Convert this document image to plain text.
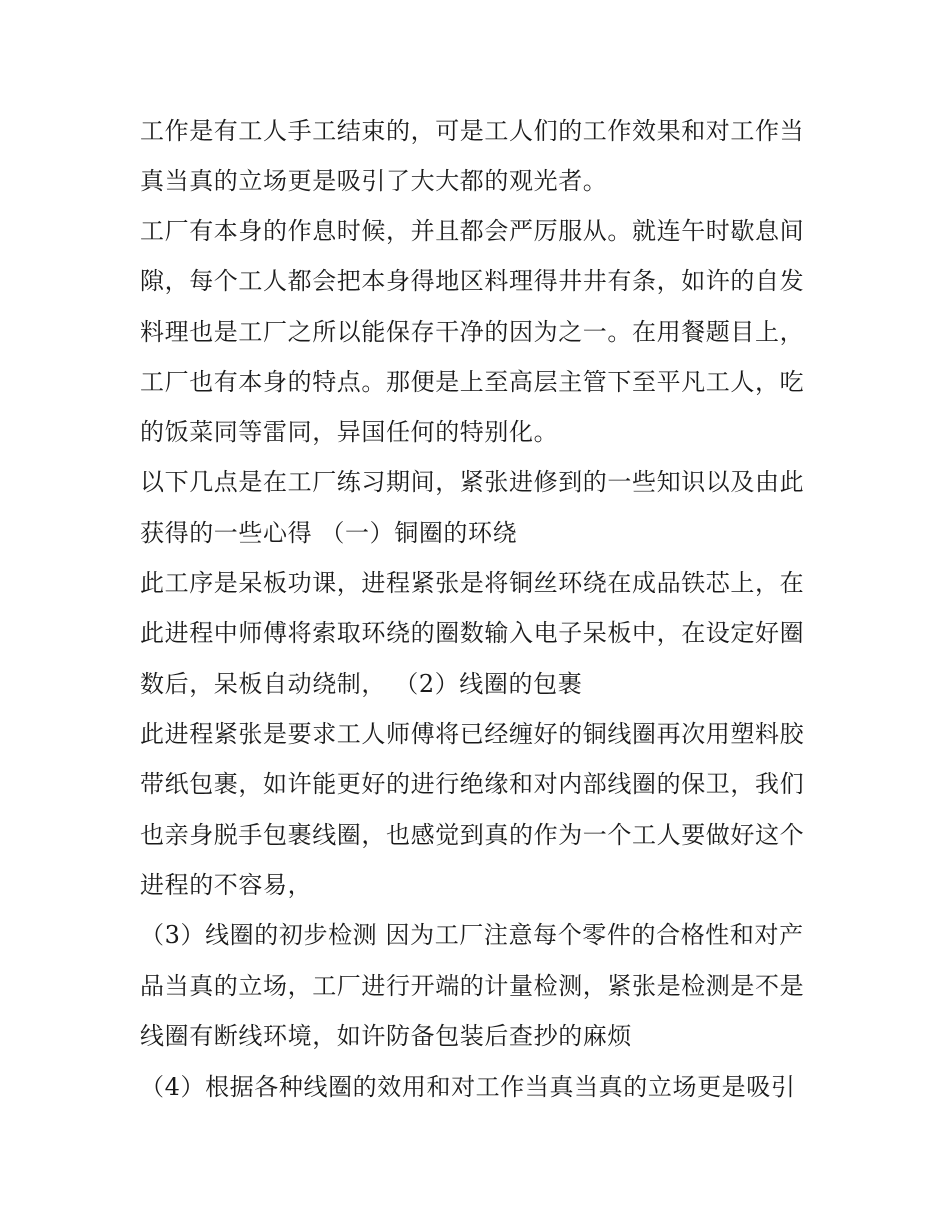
工作是有工人手工结束的，可是工人们的工作效果和对工作当
真当真的立场更是吸引了大大都的观光者。
工厂有本身的作息时候，并且都会严厉服从。就连午时歇息间
隙，每个工人都会把本身得地区料理得井井有条，如许的自发
料理也是工厂之所以能保存干净的因为之一。在用餐题目上，
工厂也有本身的特点。那便是上至高层主管下至平凡工人，吃
的饭菜同等雷同，异国任何的特别化。
以下几点是在工厂练习期间，紧张进修到的一些知识以及由此
获得的一些心得 （一）铜圈的环绕
此工序是呆板功课，进程紧张是将铜丝环绕在成品铁芯上，在
此进程中师傅将索取环绕的圈数输入电子呆板中，在设定好圈
数后，呆板自动绕制， （2）线圈的包裹
此进程紧张是要求工人师傅将已经缠好的铜线圈再次用塑料胶
带纸包裹，如许能更好的进行绝缘和对内部线圈的保卫，我们
也亲身脱手包裹线圈，也感觉到真的作为一个工人要做好这个
进程的不容易，
（3）线圈的初步检测 因为工厂注意每个零件的合格性和对产
品当真的立场，工厂进行开端的计量检测，紧张是检测是不是
线圈有断线环境，如许防备包装后查抄的麻烦
（4）根据各种线圈的效用和对工作当真当真的立场更是吸引
